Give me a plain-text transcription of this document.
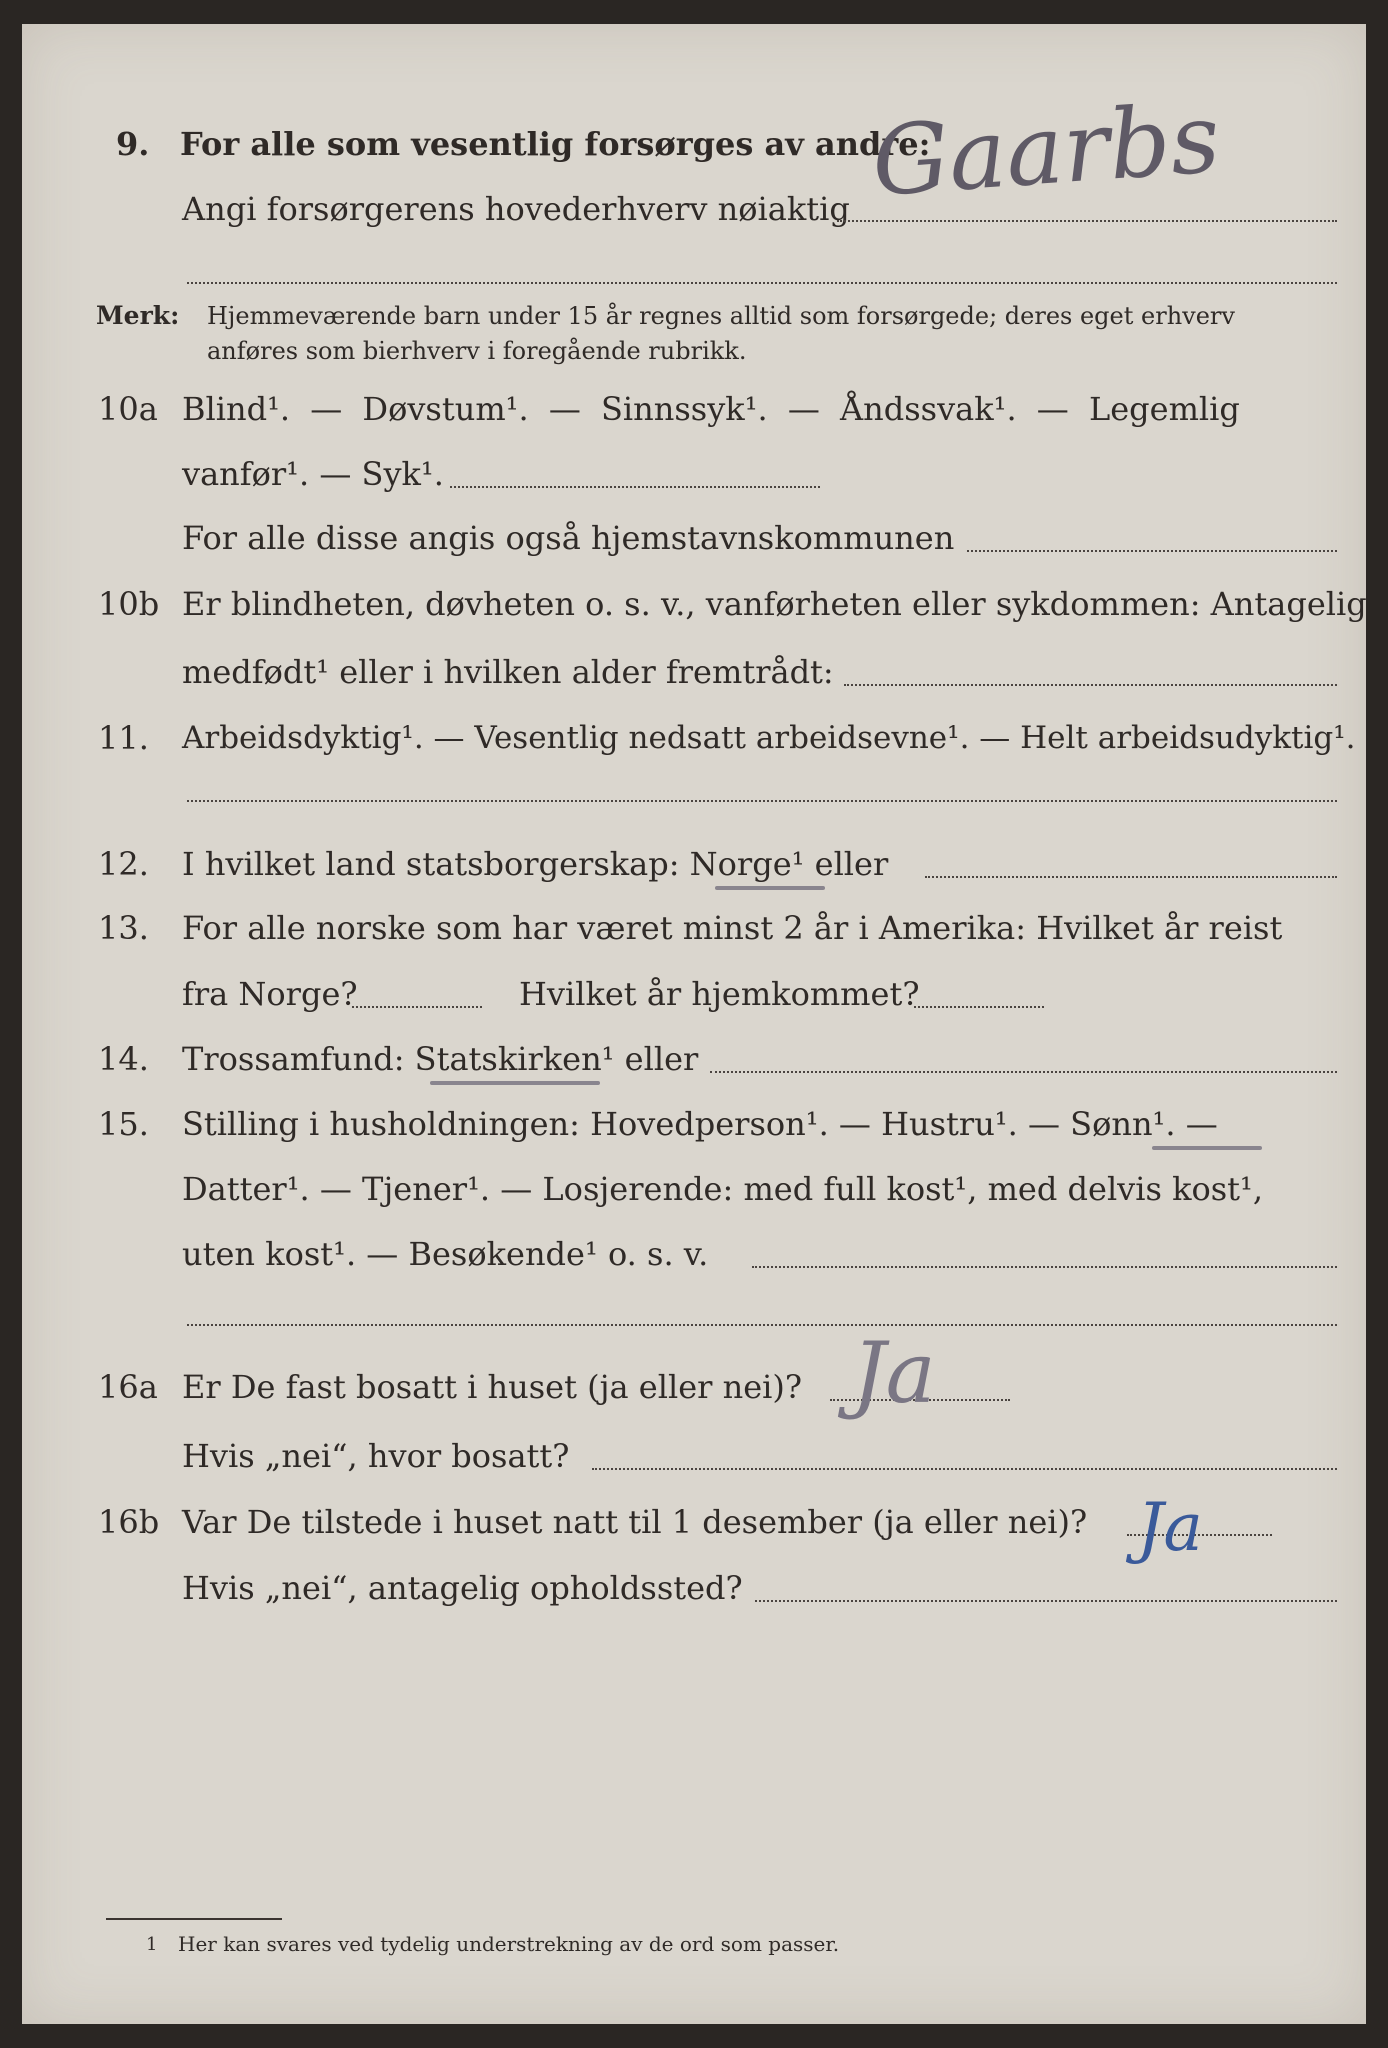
9. For alle som vesentlig forsørges av andre:
Angi forsørgerens hovederhverv nøiaktig Gaarbs
Merk: Hjemmeværende barn under 15 år regnes alltid som forsørgede; deres eget erhverv
anføres som bierhverv i foregående rubrikk.
10a Blind¹. — Døvstum¹. — Sinnssyk¹. — Åndssvak¹. — Legemlig
vanfør¹. — Syk¹.
For alle disse angis også hjemstavnskommunen
10b Er blindheten, døvheten o. s. v., vanførheten eller sykdommen: Antagelig
medfødt¹ eller i hvilken alder fremtrådt:
11. Arbeidsdyktig¹. — Vesentlig nedsatt arbeidsevne¹. — Helt arbeidsudyktig¹.
12. I hvilket land statsborgerskap: Norge¹ eller
13. For alle norske som har været minst 2 år i Amerika: Hvilket år reist
fra Norge?	Hvilket år hjemkommet?
14. Trossamfund: Statskirken¹ eller
15. Stilling i husholdningen: Hovedperson¹. — Hustru¹. — Sønn¹. —
Datter¹. — Tjener¹. — Losjerende: med full kost¹, med delvis kost¹,
uten kost¹. — Besøkende¹ o. s. v.
16a Er De fast bosatt i huset (ja eller nei)? Ja
Hvis „nei“, hvor bosatt?
16b Var De tilstede i huset natt til 1 desember (ja eller nei)? Ja
Hvis „nei“, antagelig opholdssted?
1 Her kan svares ved tydelig understrekning av de ord som passer.
